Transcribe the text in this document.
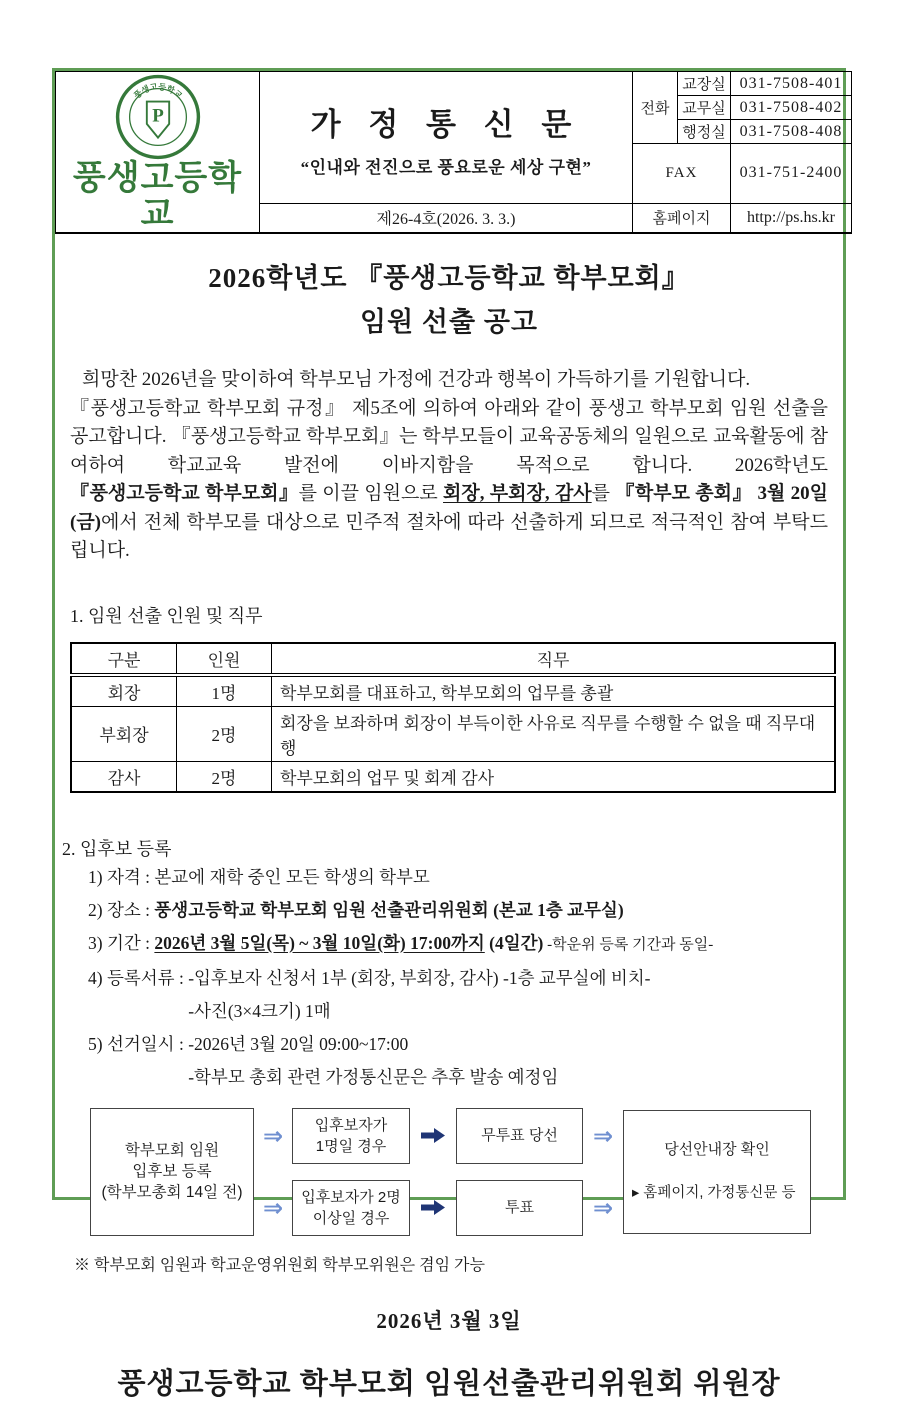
풍생고등학교
P
풍생고등학교

가 정 통 신 문
“인내와 전진으로 풍요로운 세상 구현”
	전화	교장실	031-7508-401
			교무실	031-7508-402
			행정실	031-7508-408
		FAX		031-751-2400
	제26-4호(2026. 3. 3.)	홈페이지		http://ps.hs.kr
2026학년도 『풍생고등학교 학부모회』
임원 선출 공고

희망찬 2026년을 맞이하여 학부모님 가정에 건강과 행복이 가득하기를 기원합니다.

『풍생고등학교 학부모회 규정』 제5조에 의하여 아래와 같이 풍생고 학부모회 임원 선출을 공고합니다. 『풍생고등학교 학부모회』는 학부모들이 교육공동체의 일원으로 교육활동에 참여하여 학교교육 발전에 이바지함을 목적으로 합니다. 2026학년도 『풍생고등학교 학부모회』를 이끌 임원으로 회장, 부회장, 감사를 『학부모 총회』 3월 20일(금)에서 전체 학부모를 대상으로 민주적 절차에 따라 선출하게 되므로 적극적인 참여 부탁드립니다.

1. 임원 선출 인원 및 직무
구분	인원	직무
회장	1명	학부모회를 대표하고, 학부모회의 업무를 총괄
부회장	2명	회장을 보좌하며 회장이 부득이한 사유로 직무를 수행할 수 없을 때 직무대행
감사	2명	학부모회의 업무 및 회계 감사
2. 입후보 등록
1) 자격 : 본교에 재학 중인 모든 학생의 학부모
2) 장소 : 풍생고등학교 학부모회 임원 선출관리위원회 (본교 1층 교무실)
3) 기간 : 2026년 3월 5일(목) ~ 3월 10일(화) 17:00까지 (4일간) -학운위 등록 기간과 동일-
4) 등록서류 : -입후보자 신청서 1부 (회장, 부회장, 감사) -1층 교무실에 비치-
-사진(3×4크기) 1매
5) 선거일시 : -2026년 3월 20일 09:00~17:00
-학부모 총회 관련 가정통신문은 추후 발송 예정임
학부모회 임원
입후보 등록
(학부모총회 14일 전)
⇒ 입후보자가
1명일 경우
무투표 당선	⇒
당선안내장 확인
▸ 홈페이지, 가정통신문 등
⇒ 입후보자가 2명
이상일 경우
투표	⇒
※ 학부모회 임원과 학교운영위원회 학부모위원은 겸임 가능
2026년 3월 3일
풍생고등학교 학부모회 임원선출관리위원회 위원장
